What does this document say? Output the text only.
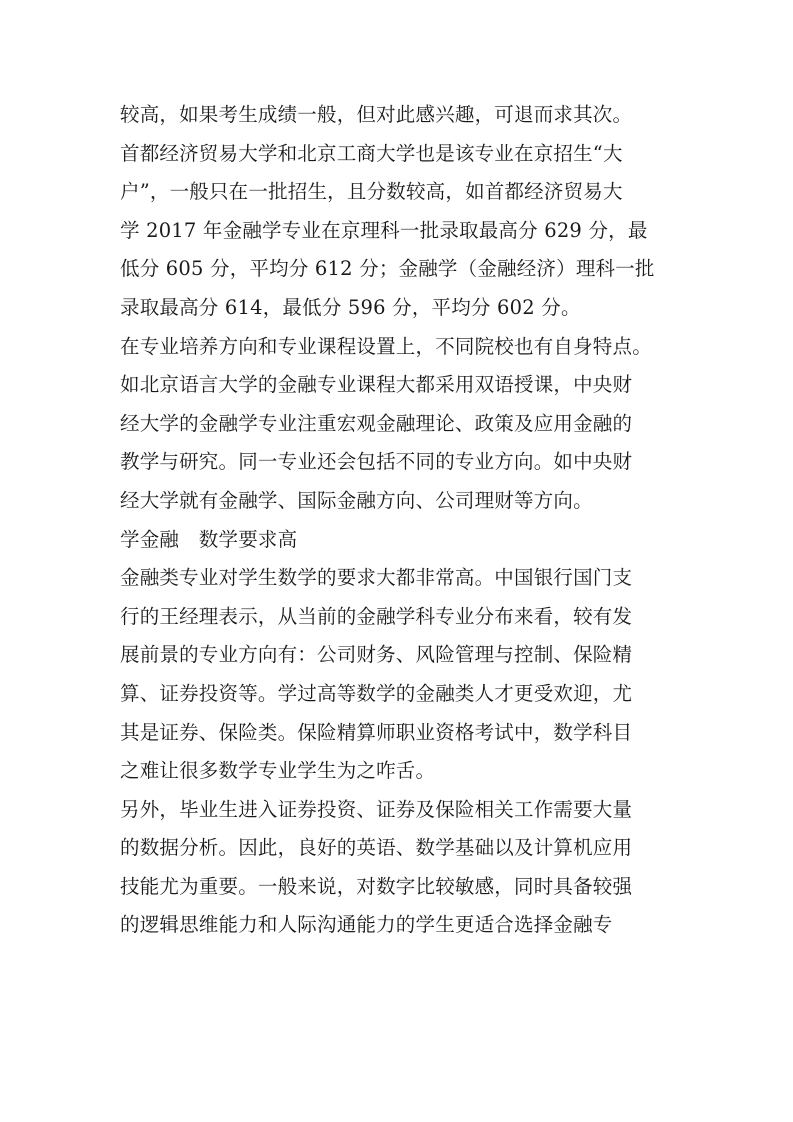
较高，如果考生成绩一般，但对此感兴趣，可退而求其次。
首都经济贸易大学和北京工商大学也是该专业在京招生“大
户”，一般只在一批招生，且分数较高，如首都经济贸易大
学 2017 年金融学专业在京理科一批录取最高分 629 分，最
低分 605 分，平均分 612 分；金融学（金融经济）理科一批
录取最高分 614，最低分 596 分，平均分 602 分。
在专业培养方向和专业课程设置上，不同院校也有自身特点。
如北京语言大学的金融专业课程大都采用双语授课，中央财
经大学的金融学专业注重宏观金融理论、政策及应用金融的
教学与研究。同一专业还会包括不同的专业方向。如中央财
经大学就有金融学、国际金融方向、公司理财等方向。
学金融　数学要求高
金融类专业对学生数学的要求大都非常高。中国银行国门支
行的王经理表示，从当前的金融学科专业分布来看，较有发
展前景的专业方向有：公司财务、风险管理与控制、保险精
算、证券投资等。学过高等数学的金融类人才更受欢迎，尤
其是证券、保险类。保险精算师职业资格考试中，数学科目
之难让很多数学专业学生为之咋舌。
另外，毕业生进入证券投资、证券及保险相关工作需要大量
的数据分析。因此，良好的英语、数学基础以及计算机应用
技能尤为重要。一般来说，对数字比较敏感，同时具备较强
的逻辑思维能力和人际沟通能力的学生更适合选择金融专
